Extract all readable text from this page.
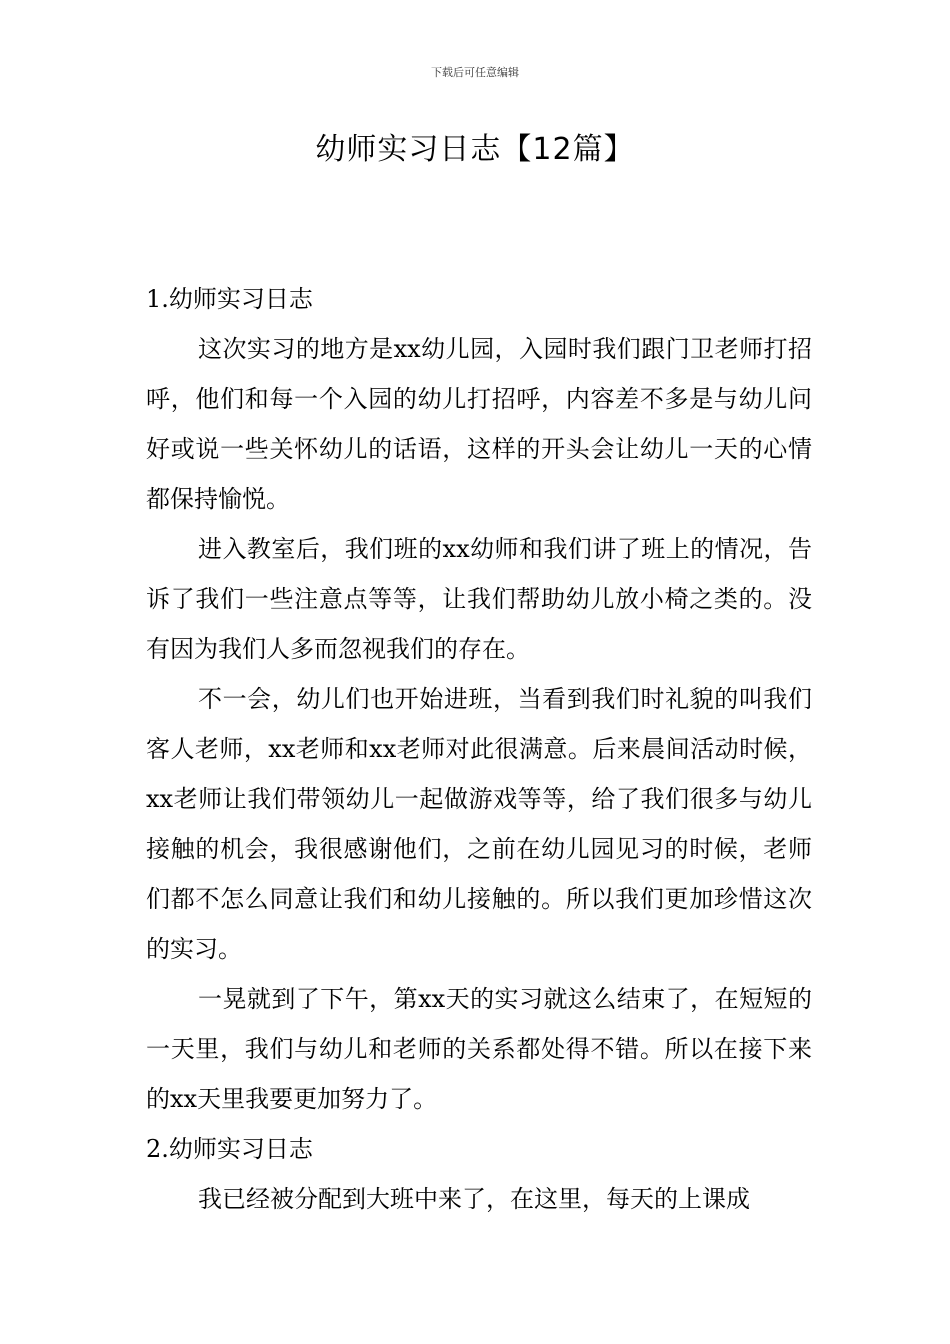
下载后可任意编辑
幼师实习日志【12篇】

1.幼师实习日志

这次实习的地方是xx幼儿园，入园时我们跟门卫老师打招呼，他们和每一个入园的幼儿打招呼，内容差不多是与幼儿问好或说一些关怀幼儿的话语，这样的开头会让幼儿一天的心情都保持愉悦。

进入教室后，我们班的xx幼师和我们讲了班上的情况，告诉了我们一些注意点等等，让我们帮助幼儿放小椅之类的。没有因为我们人多而忽视我们的存在。

不一会，幼儿们也开始进班，当看到我们时礼貌的叫我们客人老师，xx老师和xx老师对此很满意。后来晨间活动时候，xx老师让我们带领幼儿一起做游戏等等，给了我们很多与幼儿接触的机会，我很感谢他们，之前在幼儿园见习的时候，老师们都不怎么同意让我们和幼儿接触的。所以我们更加珍惜这次的实习。

一晃就到了下午，第xx天的实习就这么结束了，在短短的一天里，我们与幼儿和老师的关系都处得不错。所以在接下来的xx天里我要更加努力了。

2.幼师实习日志

我已经被分配到大班中来了，在这里，每天的上课成
